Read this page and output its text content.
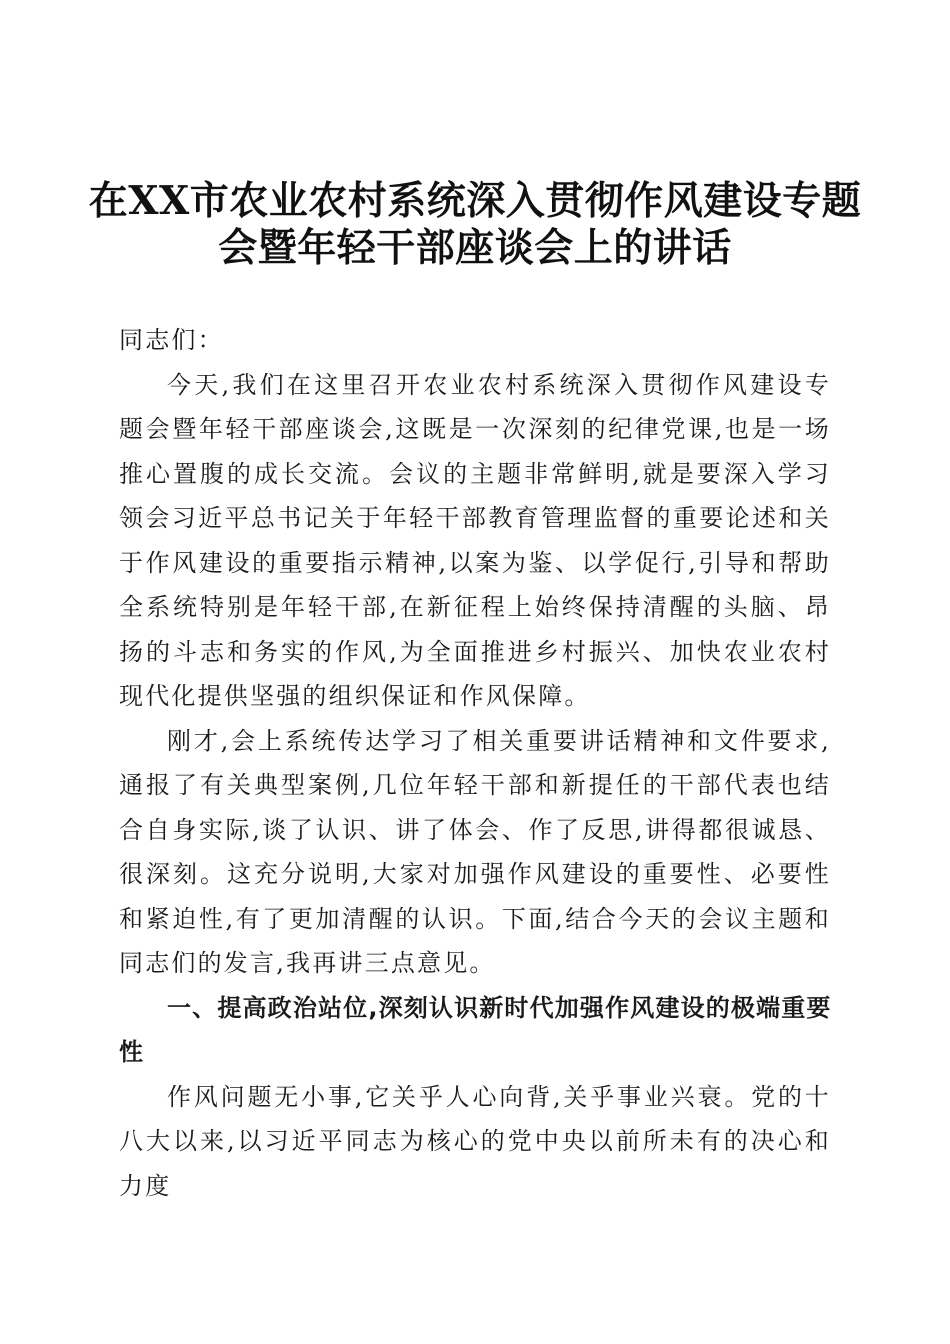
在XX市农业农村系统深入贯彻作风建设专题
会暨年轻干部座谈会上的讲话

同志们：

今天,我们在这里召开农业农村系统深入贯彻作风建设专题会暨年轻干部座谈会,这既是一次深刻的纪律党课,也是一场推心置腹的成长交流。会议的主题非常鲜明,就是要深入学习领会习近平总书记关于年轻干部教育管理监督的重要论述和关于作风建设的重要指示精神,以案为鉴、以学促行,引导和帮助全系统特别是年轻干部,在新征程上始终保持清醒的头脑、昂扬的斗志和务实的作风,为全面推进乡村振兴、加快农业农村现代化提供坚强的组织保证和作风保障。

刚才,会上系统传达学习了相关重要讲话精神和文件要求,通报了有关典型案例,几位年轻干部和新提任的干部代表也结合自身实际,谈了认识、讲了体会、作了反思,讲得都很诚恳、很深刻。这充分说明,大家对加强作风建设的重要性、必要性和紧迫性,有了更加清醒的认识。下面,结合今天的会议主题和同志们的发言,我再讲三点意见。

一、提高政治站位,深刻认识新时代加强作风建设的极端重要性

作风问题无小事,它关乎人心向背,关乎事业兴衰。党的十八大以来,以习近平同志为核心的党中央以前所未有的决心和力度
